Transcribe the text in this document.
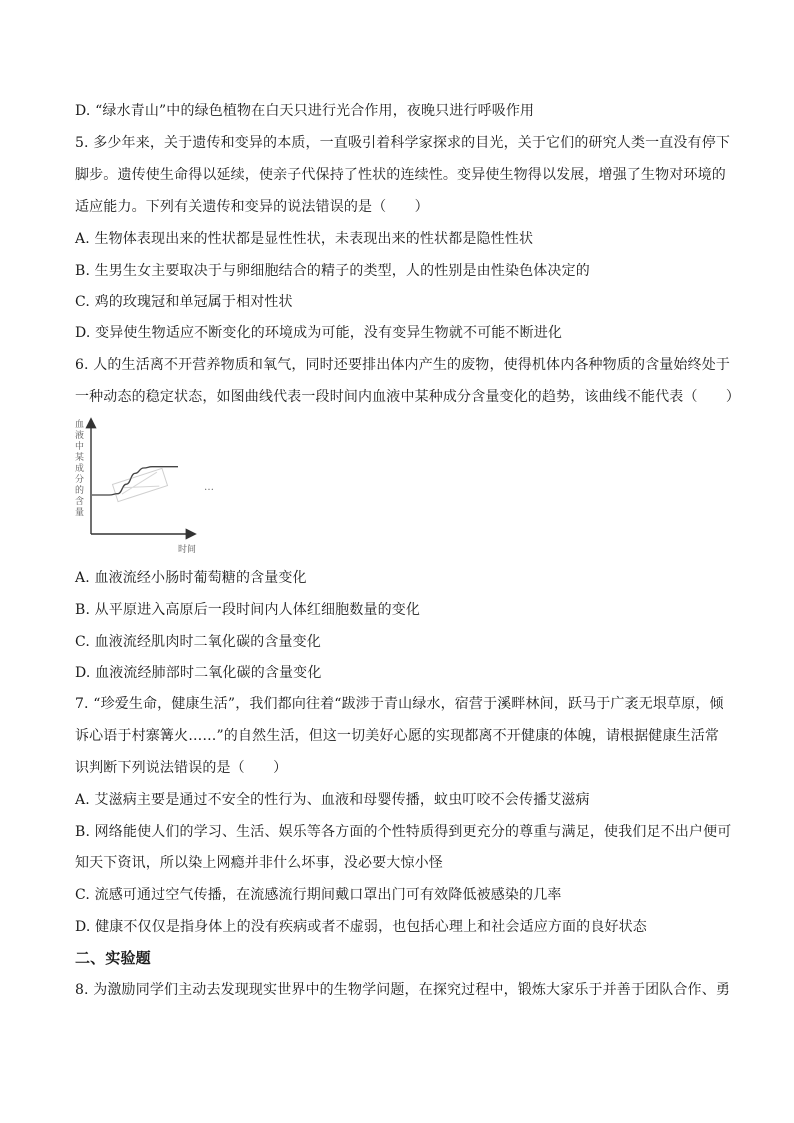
D. “绿水青山”中的绿色植物在白天只进行光合作用，夜晚只进行呼吸作用
5. 多少年来，关于遗传和变异的本质，一直吸引着科学家探求的目光，关于它们的研究人类一直没有停下
脚步。遗传使生命得以延续，使亲子代保持了性状的连续性。变异使生物得以发展，增强了生物对环境的
适应能力。下列有关遗传和变异的说法错误的是（　　）
A. 生物体表现出来的性状都是显性性状，未表现出来的性状都是隐性性状
B. 生男生女主要取决于与卵细胞结合的精子的类型，人的性别是由性染色体决定的
C. 鸡的玫瑰冠和单冠属于相对性状
D. 变异使生物适应不断变化的环境成为可能，没有变异生物就不可能不断进化
6. 人的生活离不开营养物质和氧气，同时还要排出体内产生的废物，使得机体内各种物质的含量始终处于
一种动态的稳定状态，如图曲线代表一段时间内血液中某种成分含量变化的趋势，该曲线不能代表（　　）
血液中某成分的含量
时间
…
A. 血液流经小肠时葡萄糖的含量变化
B. 从平原进入高原后一段时间内人体红细胞数量的变化
C. 血液流经肌肉时二氧化碳的含量变化
D. 血液流经肺部时二氧化碳的含量变化
7. “珍爱生命，健康生活”，我们都向往着“跋涉于青山绿水，宿营于溪畔林间，跃马于广袤无垠草原，倾
诉心语于村寨篝火……”的自然生活，但这一切美好心愿的实现都离不开健康的体魄，请根据健康生活常
识判断下列说法错误的是（　　）
A. 艾滋病主要是通过不安全的性行为、血液和母婴传播，蚊虫叮咬不会传播艾滋病
B. 网络能使人们的学习、生活、娱乐等各方面的个性特质得到更充分的尊重与满足，使我们足不出户便可
知天下资讯，所以染上网瘾并非什么坏事，没必要大惊小怪
C. 流感可通过空气传播，在流感流行期间戴口罩出门可有效降低被感染的几率
D. 健康不仅仅是指身体上的没有疾病或者不虚弱，也包括心理上和社会适应方面的良好状态
二、实验题
8. 为激励同学们主动去发现现实世界中的生物学问题，在探究过程中，锻炼大家乐于并善于团队合作、勇
